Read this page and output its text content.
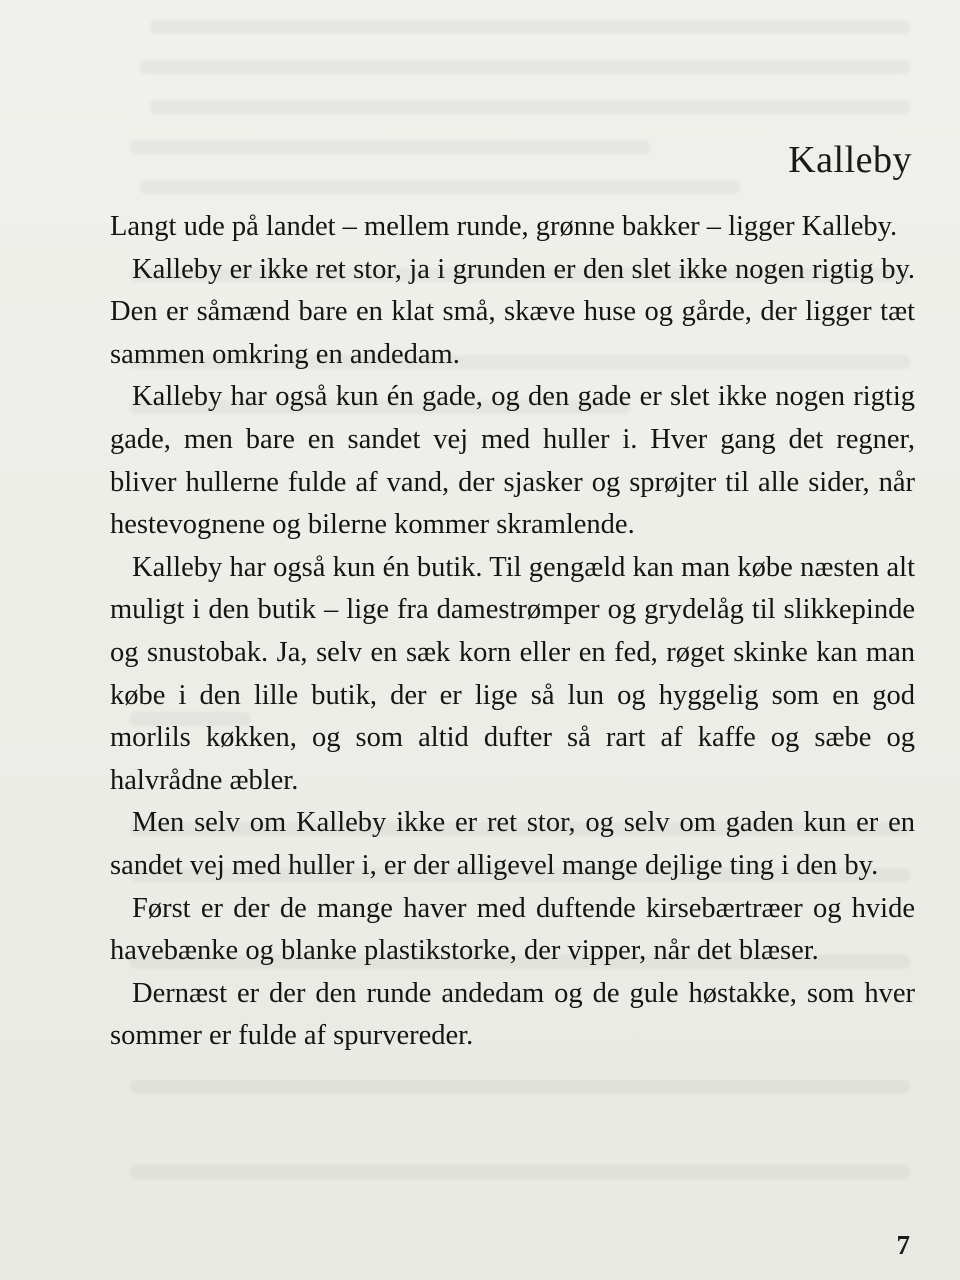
Kalleby

Langt ude på landet – mellem runde, grønne bakker – ligger Kalleby.

Kalleby er ikke ret stor, ja i grunden er den slet ikke nogen rigtig by. Den er såmænd bare en klat små, skæve huse og gårde, der ligger tæt sammen omkring en andedam.

Kalleby har også kun én gade, og den gade er slet ikke nogen rigtig gade, men bare en sandet vej med huller i. Hver gang det regner, bliver hullerne fulde af vand, der sjasker og sprøjter til alle sider, når hestevognene og bilerne kommer skramlende.

Kalleby har også kun én butik. Til gengæld kan man købe næsten alt muligt i den butik – lige fra damestrømper og grydelåg til slikkepinde og snustobak. Ja, selv en sæk korn eller en fed, røget skinke kan man købe i den lille butik, der er lige så lun og hyggelig som en god morlils køkken, og som altid dufter så rart af kaffe og sæbe og halvrådne æbler.

Men selv om Kalleby ikke er ret stor, og selv om gaden kun er en sandet vej med huller i, er der alligevel mange dejlige ting i den by.

Først er der de mange haver med duftende kirsebærtræer og hvide havebænke og blanke plastikstorke, der vipper, når det blæser.

Dernæst er der den runde andedam og de gule høstakke, som hver sommer er fulde af spurvereder.

7
